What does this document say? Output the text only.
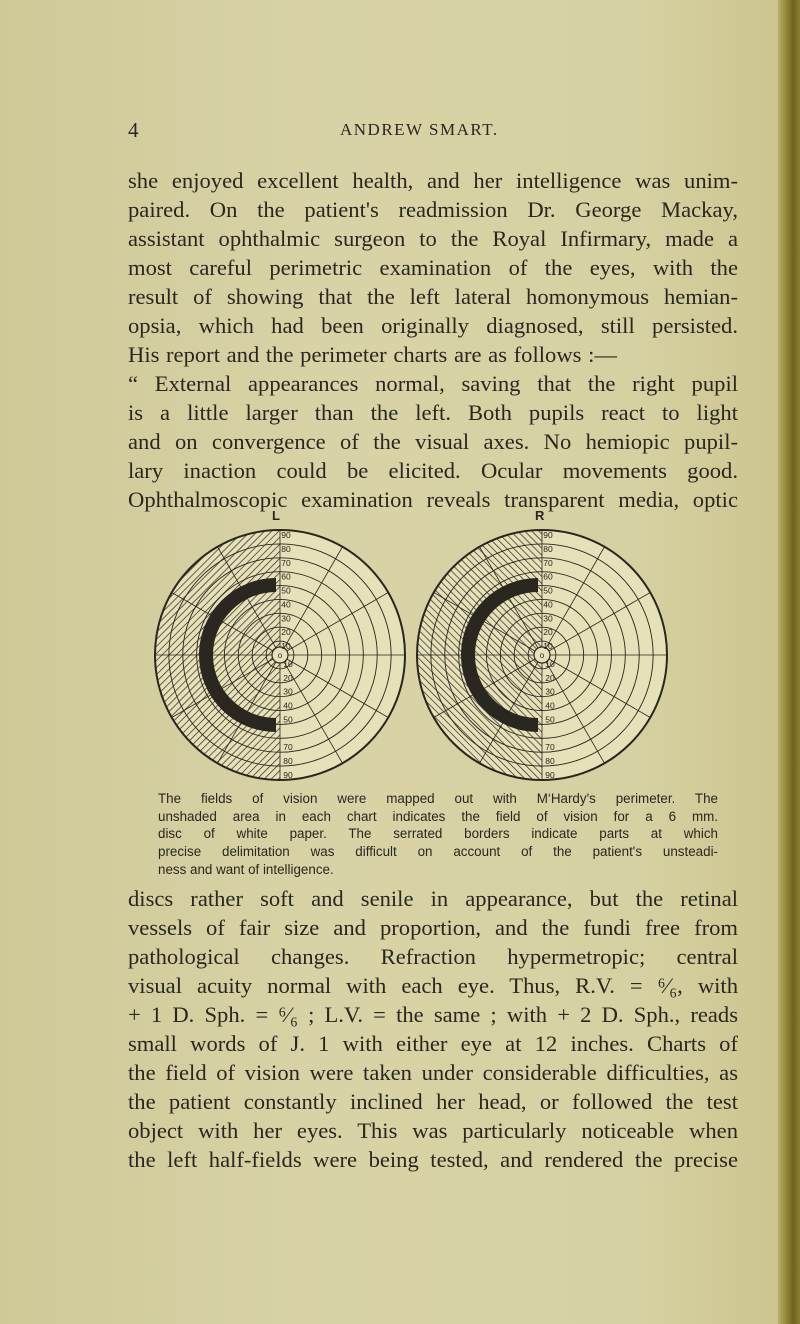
4	ANDREW SMART.
she enjoyed excellent health, and her intelligence was unim-
paired. On the patient's readmission Dr. George Mackay,
assistant ophthalmic surgeon to the Royal Infirmary, made a
most careful perimetric examination of the eyes, with the
result of showing that the left lateral homonymous hemian-
opsia, which had been originally diagnosed, still persisted.
His report and the perimeter charts are as follows :—
“ External appearances normal, saving that the right pupil
is a little larger than the left. Both pupils react to light
and on convergence of the visual axes. No hemiopic pupil-
lary inaction could be elicited. Ocular movements good.
Ophthalmoscopic examination reveals transparent media, optic
L	R
90
80
70
60
50
40
30
20
10
o
10
20
30
40
50
70
80
90
90
80
70
60
50
40
30
20
10
o
10
20
30
40
50
70
80
90
The fields of vision were mapped out with M‘Hardy's perimeter. The
unshaded area in each chart indicates the field of vision for a 6 mm.
disc of white paper. The serrated borders indicate parts at which
precise delimitation was difficult on account of the patient's unsteadi-
ness and want of intelligence.
discs rather soft and senile in appearance, but the retinal
vessels of fair size and proportion, and the fundi free from
pathological changes. Refraction hypermetropic; central
visual acuity normal with each eye. Thus, R.V. = ⁶⁄₆, with
+ 1 D. Sph. = ⁶⁄₆ ; L.V. = the same ; with + 2 D. Sph., reads
small words of J. 1 with either eye at 12 inches. Charts of
the field of vision were taken under considerable difficulties, as
the patient constantly inclined her head, or followed the test
object with her eyes. This was particularly noticeable when
the left half-fields were being tested, and rendered the precise
